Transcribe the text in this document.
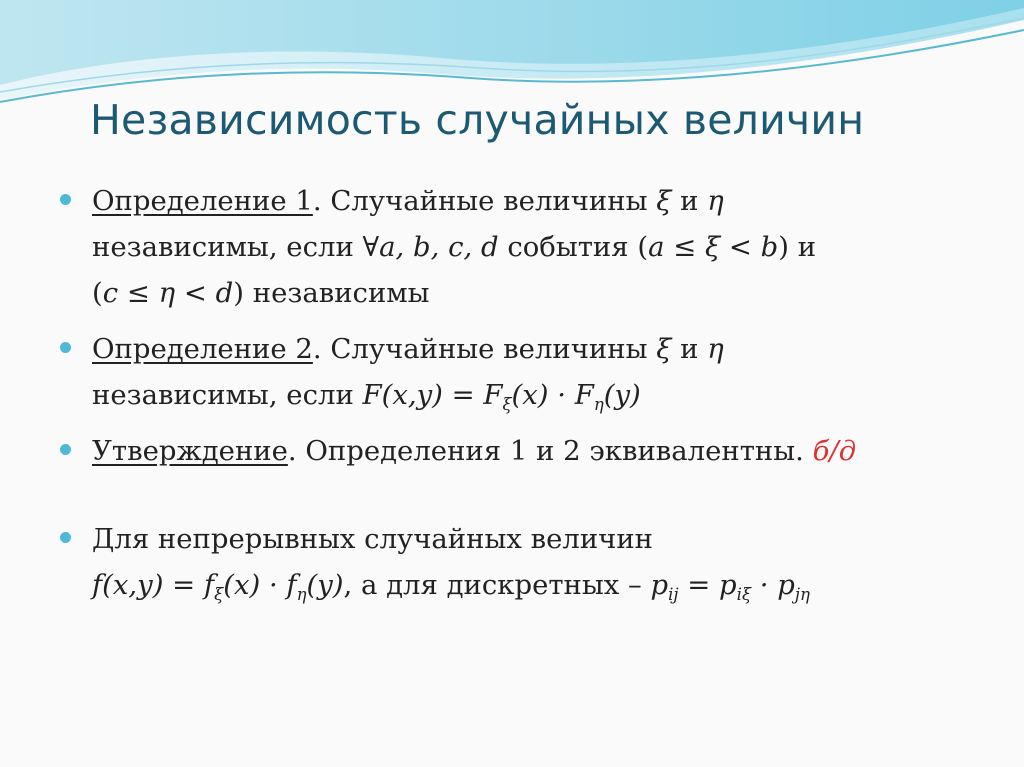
Независимость случайных величин
Определение 1. Случайные величины ξ и η
независимы, если ∀a, b, c, d события (a ≤ ξ < b) и
(c ≤ η < d) независимы
Определение 2. Случайные величины ξ и η
независимы, если $F(x,y) = F_\xi(x) \cdot F_\eta(y)$
Утверждение. Определения 1 и 2 эквивалентны. б/д
Для непрерывных случайных величин
$f(x,y) = f_\xi(x) \cdot f_\eta(y)$, а для дискретных – $p_{ij} = p_{i\xi} \cdot p_{j\eta}$
